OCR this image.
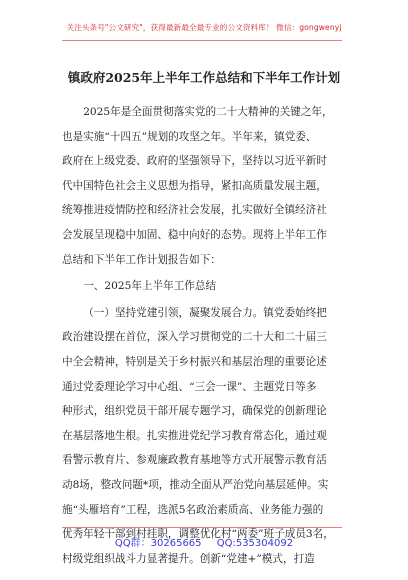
关注头条号"公文研究"，获得最新最全最专业的公文资料库！ 微信：gongwenyj
镇政府2025年上半年工作总结和下半年工作计划
2025年是全面贯彻落实党的二十大精神的关键之年，
也是实施“十四五”规划的攻坚之年。半年来，镇党委、
政府在上级党委、政府的坚强领导下，坚持以习近平新时
代中国特色社会主义思想为指导，紧扣高质量发展主题，
统筹推进疫情防控和经济社会发展，扎实做好全镇经济社
会发展呈现稳中加固、稳中向好的态势。现将上半年工作
总结和下半年工作计划报告如下：
一、2025年上半年工作总结
（一）坚持党建引领，凝聚发展合力。镇党委始终把
政治建设摆在首位，深入学习贯彻党的二十大和二十届三
中全会精神，特别是关于乡村振兴和基层治理的重要论述
通过党委理论学习中心组、“三会一课”、主题党日等多
种形式，组织党员干部开展专题学习，确保党的创新理论
在基层落地生根。扎实推进党纪学习教育常态化，通过观
看警示教育片、参观廉政教育基地等方式开展警示教育活
动8场，整改问题*项，推动全面从严治党向基层延伸。实
施“头雁培育”工程，选派5名政治素质高、业务能力强的
优秀年轻干部到村挂职，调整优化村“两委”班子成员3名，
村级党组织战斗力显著提升。创新“党建+”模式，打造
QQ群：30265665 QQ:535304092
